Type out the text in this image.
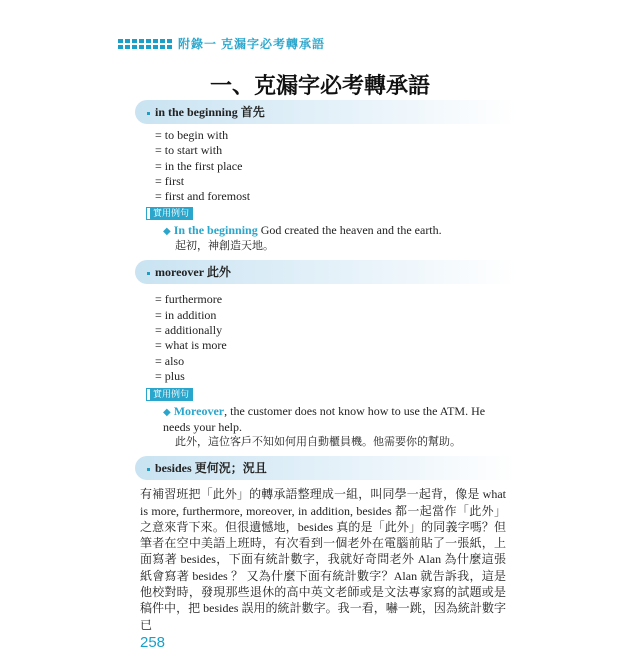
附錄一 克漏字必考轉承語
一、克漏字必考轉承語
in the beginning 首先
= to begin with
= to start with
= in the first place
= first
= first and foremost
實用例句
◆ In the beginning God created the heaven and the earth.
起初，神創造天地。
moreover 此外
= furthermore
= in addition
= additionally
= what is more
= also
= plus
實用例句
◆ Moreover, the customer does not know how to use the ATM. He needs your help.
此外，這位客戶不知如何用自動櫃員機。他需要你的幫助。
besides 更何況；況且
有補習班把「此外」的轉承語整理成一組，叫同學一起背，像是 what is more, furthermore, moreover, in addition, besides 都一起當作「此外」之意來背下來。但很遺憾地，besides 真的是「此外」的同義字嗎？但筆者在空中美語上班時，有次看到一個老外在電腦前貼了一張紙，上面寫著 besides，下面有統計數字，我就好奇問老外 Alan 為什麼這張紙會寫著 besides ？ 又為什麼下面有統計數字？Alan 就告訴我，這是他校對時，發現那些退休的高中英文老師或是文法專家寫的試題或是稿件中，把 besides 誤用的統計數字。我一看，嚇一跳，因為統計數字已
258
